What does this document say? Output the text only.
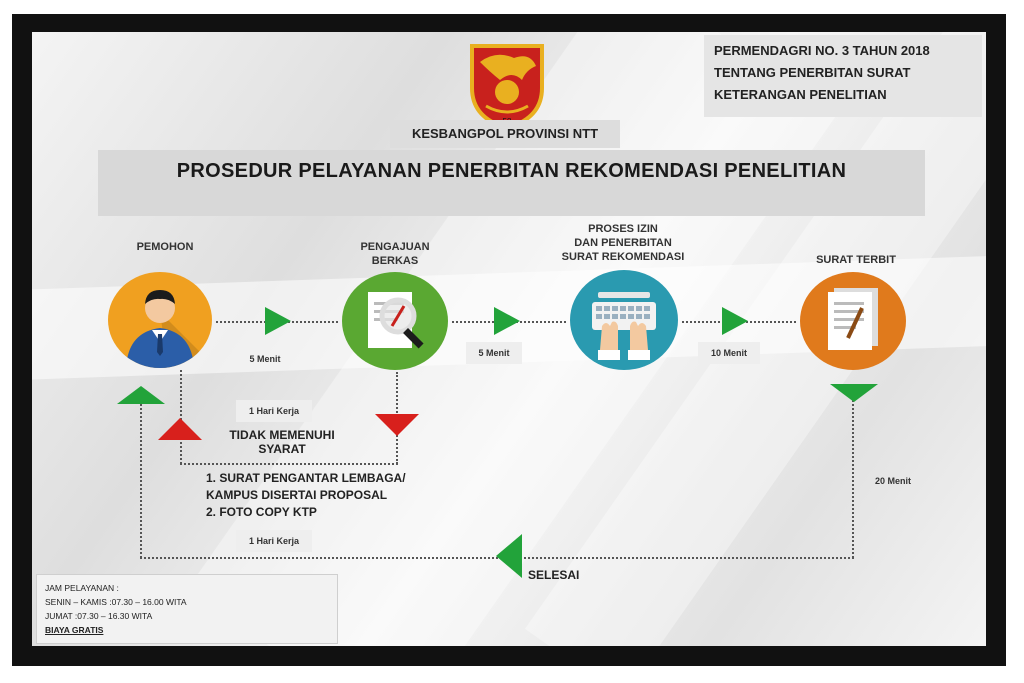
PERMENDAGRI NO. 3 TAHUN 2018
TENTANG PENERBITAN SURAT
KETERANGAN PENELITIAN
KESBANGPOL PROVINSI NTT
PROSEDUR PELAYANAN PENERBITAN REKOMENDASI PENELITIAN
PEMOHON	PENGAJUAN
BERKAS
PROSES IZIN
DAN PENERBITAN
SURAT REKOMENDASI	SURAT TERBIT
5 Menit
5 Menit	10 Menit
20 Menit
1 Hari Kerja
1 Hari Kerja
TIDAK MEMENUHI
SYARAT
1. SURAT PENGANTAR LEMBAGA/
KAMPUS DISERTAI PROPOSAL
2. FOTO COPY KTP
SELESAI
JAM PELAYANAN :
SENIN – KAMIS :07.30 – 16.00 WITA
JUMAT :07.30 – 16.30 WITA
BIAYA GRATIS
